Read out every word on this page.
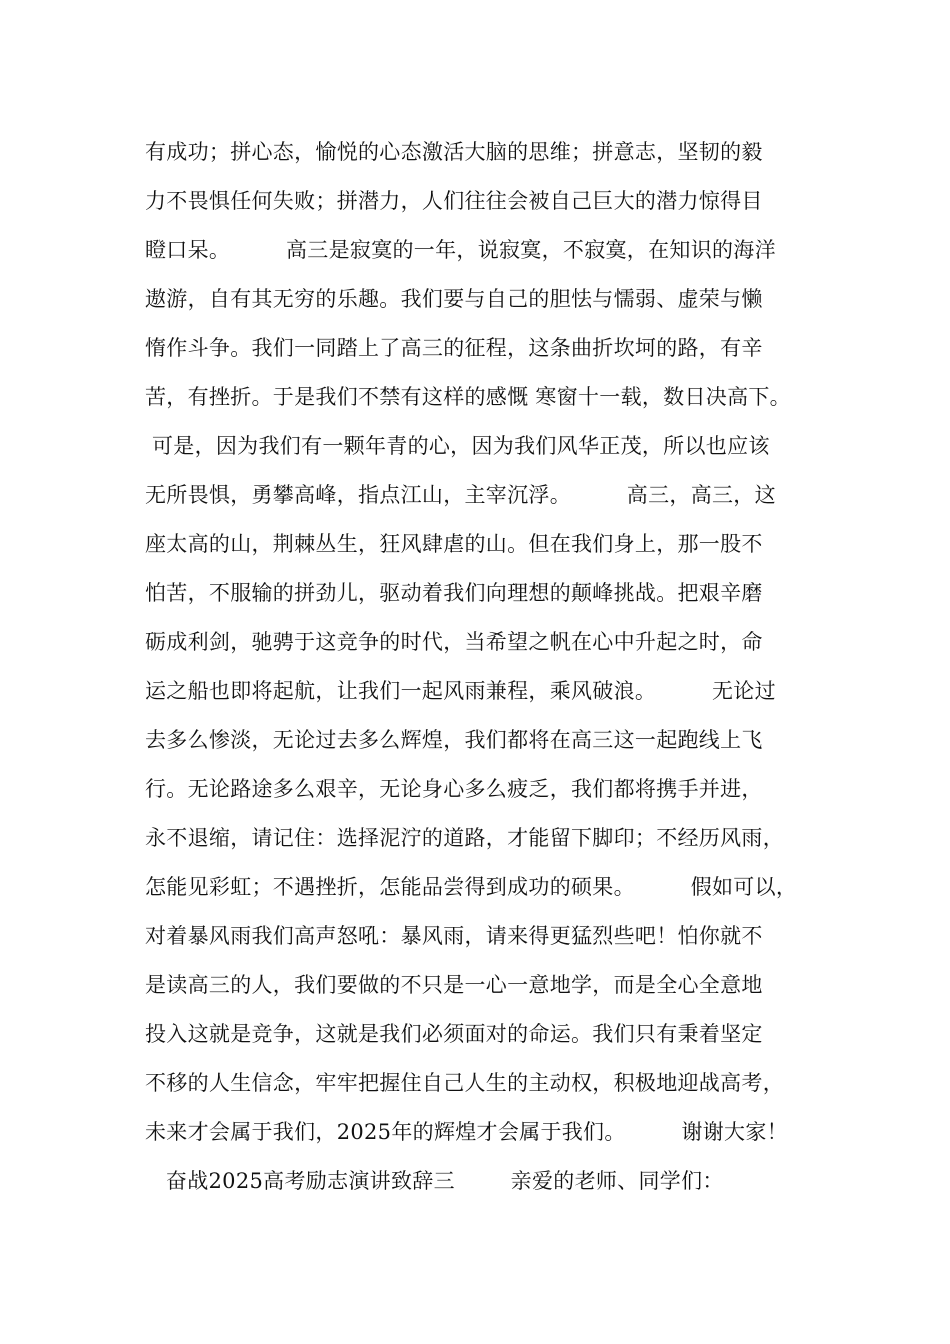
有成功；拼心态，愉悦的心态激活大脑的思维；拼意志，坚韧的毅
力不畏惧任何失败；拼潜力，人们往往会被自己巨大的潜力惊得目
瞪口呆。        高三是寂寞的一年，说寂寞，不寂寞，在知识的海洋
遨游，自有其无穷的乐趣。我们要与自己的胆怯与懦弱、虚荣与懒
惰作斗争。我们一同踏上了高三的征程，这条曲折坎坷的路，有辛
苦，有挫折。于是我们不禁有这样的感慨 寒窗十一载，数日决高下。
可是，因为我们有一颗年青的心，因为我们风华正茂，所以也应该
无所畏惧，勇攀高峰，指点江山，主宰沉浮。        高三，高三，这
座太高的山，荆棘丛生，狂风肆虐的山。但在我们身上，那一股不
怕苦，不服输的拼劲儿，驱动着我们向理想的颠峰挑战。把艰辛磨
砺成利剑，驰骋于这竞争的时代，当希望之帆在心中升起之时，命
运之船也即将起航，让我们一起风雨兼程，乘风破浪。        无论过
去多么惨淡，无论过去多么辉煌，我们都将在高三这一起跑线上飞
行。无论路途多么艰辛，无论身心多么疲乏，我们都将携手并进，
永不退缩，请记住：选择泥泞的道路，才能留下脚印；不经历风雨，
怎能见彩虹；不遇挫折，怎能品尝得到成功的硕果。        假如可以，
对着暴风雨我们高声怒吼：暴风雨，请来得更猛烈些吧！怕你就不
是读高三的人，我们要做的不只是一心一意地学，而是全心全意地
投入这就是竞争，这就是我们必须面对的命运。我们只有秉着坚定
不移的人生信念，牢牢把握住自己人生的主动权，积极地迎战高考，
未来才会属于我们，2025年的辉煌才会属于我们。        谢谢大家！
奋战2025高考励志演讲致辞三        亲爱的老师、同学们：
